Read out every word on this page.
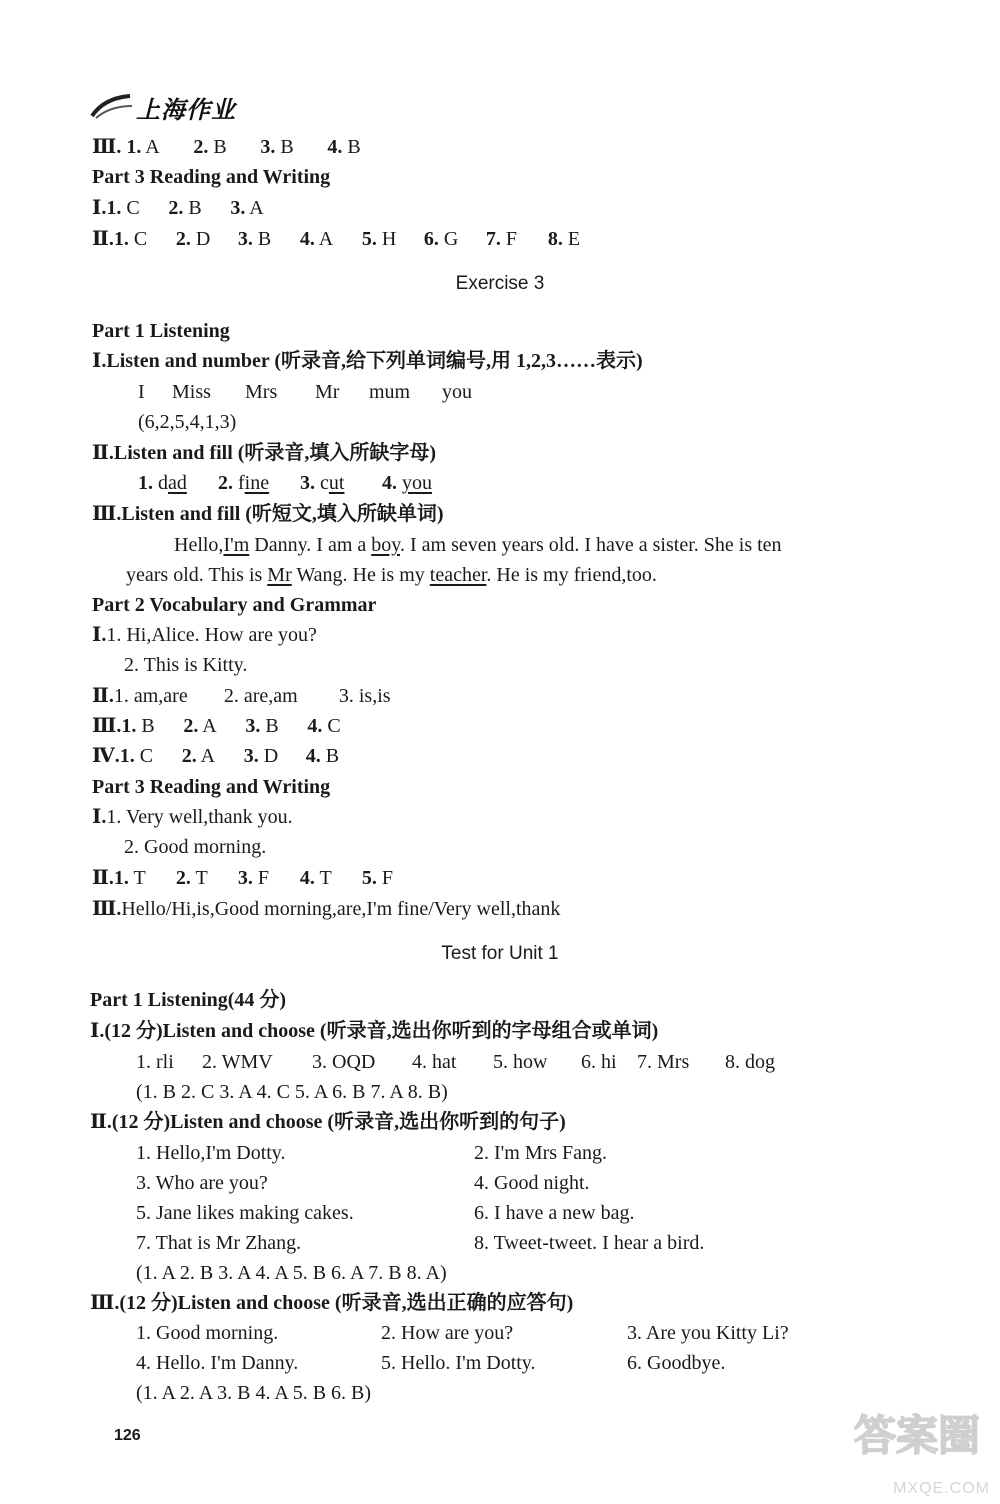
上海作业
Ⅲ. 1. A 2. B 3. B 4. B
Part 3 Reading and Writing
Ⅰ.1. C 2. B 3. A
Ⅱ.1. C 2. D 3. B 4. A 5. H 6. G 7. F 8. E
Exercise 3
Part 1 Listening
Ⅰ.Listen and number (听录音,给下列单词编号,用 1,2,3……表示)
I Miss Mrs Mr mum you
(6,2,5,4,1,3)
Ⅱ.Listen and fill (听录音,填入所缺字母)
1. dad 2. fine 3. cut 4. you
Ⅲ.Listen and fill (听短文,填入所缺单词)
Hello,I'm Danny. I am a boy. I am seven years old. I have a sister. She is ten
years old. This is Mr Wang. He is my teacher. He is my friend,too.
Part 2 Vocabulary and Grammar
Ⅰ.1. Hi,Alice. How are you?
2. This is Kitty.
Ⅱ.1. am,are 2. are,am 3. is,is
Ⅲ.1. B 2. A 3. B 4. C
Ⅳ.1. C 2. A 3. D 4. B
Part 3 Reading and Writing
Ⅰ.1. Very well,thank you.
2. Good morning.
Ⅱ.1. T 2. T 3. F 4. T 5. F
Ⅲ.Hello/Hi,is,Good morning,are,I'm fine/Very well,thank
Test for Unit 1
Part 1 Listening(44 分)
Ⅰ.(12 分)Listen and choose (听录音,选出你听到的字母组合或单词)
1. rli 2. WMV 3. OQD 4. hat 5. how 6. hi 7. Mrs 8. dog
(1. B 2. C 3. A 4. C 5. A 6. B 7. A 8. B)
Ⅱ.(12 分)Listen and choose (听录音,选出你听到的句子)
1. Hello,I'm Dotty.	2. I'm Mrs Fang.
3. Who are you?	4. Good night.
5. Jane likes making cakes.	6. I have a new bag.
7. That is Mr Zhang.	8. Tweet-tweet. I hear a bird.
(1. A 2. B 3. A 4. A 5. B 6. A 7. B 8. A)
Ⅲ.(12 分)Listen and choose (听录音,选出正确的应答句)
1. Good morning.	2. How are you?	3. Are you Kitty Li?
4. Hello. I'm Danny.	5. Hello. I'm Dotty.	6. Goodbye.
(1. A 2. A 3. B 4. A 5. B 6. B)
126	答案圈
MXQE.COM
